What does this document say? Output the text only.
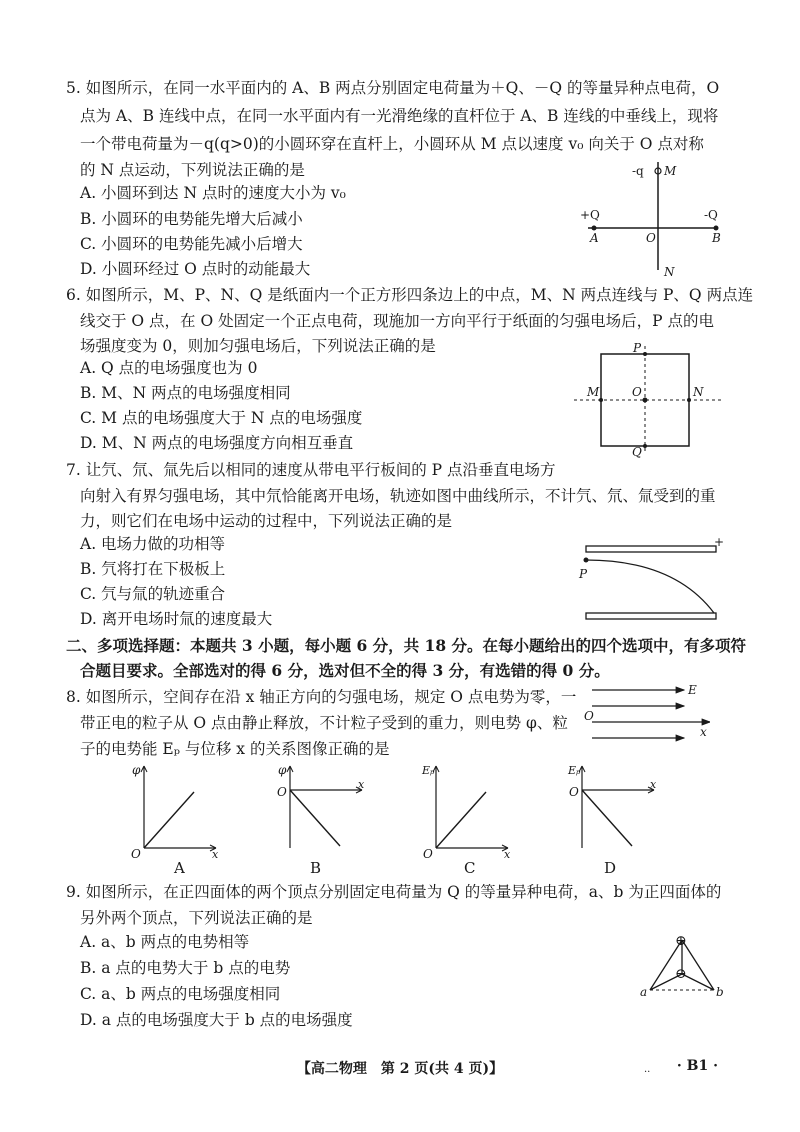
5. 如图所示，在同一水平面内的 A、B 两点分别固定电荷量为＋Q、－Q 的等量异种点电荷，O
点为 A、B 连线中点，在同一水平面内有一光滑绝缘的直杆位于 A、B 连线的中垂线上，现将
一个带电荷量为－q(q>0)的小圆环穿在直杆上，小圆环从 M 点以速度 v₀ 向关于 O 点对称
的 N 点运动，下列说法正确的是
A. 小圆环到达 N 点时的速度大小为 v₀
B. 小圆环的电势能先增大后减小
C. 小圆环的电势能先减小后增大
D. 小圆环经过 O 点时的动能最大
-q M
N
+Q	-Q
A	O	B
6. 如图所示，M、P、N、Q 是纸面内一个正方形四条边上的中点，M、N 两点连线与 P、Q 两点连
线交于 O 点，在 O 处固定一个正点电荷，现施加一方向平行于纸面的匀强电场后，P 点的电
场强度变为 0，则加匀强电场后，下列说法正确的是
A. Q 点的电场强度也为 0
B. M、N 两点的电场强度相同
C. M 点的电场强度大于 N 点的电场强度
D. M、N 两点的电场强度方向相互垂直
P
M	O	N
Q
7. 让氕、氘、氚先后以相同的速度从带电平行板间的 P 点沿垂直电场方
向射入有界匀强电场，其中氘恰能离开电场，轨迹如图中曲线所示，不计氕、氘、氚受到的重
力，则它们在电场中运动的过程中，下列说法正确的是
A. 电场力做的功相等
B. 氕将打在下极板上
C. 氕与氚的轨迹重合
D. 离开电场时氚的速度最大
+
P
二、多项选择题：本题共 3 小题，每小题 6 分，共 18 分。在每小题给出的四个选项中，有多项符
合题目要求。全部选对的得 6 分，选对但不全的得 3 分，有选错的得 0 分。
8. 如图所示，空间存在沿 x 轴正方向的匀强电场，规定 O 点电势为零，一
带正电的粒子从 O 点由静止释放，不计粒子受到的重力，则电势 φ、粒
子的电势能 Eₚ 与位移 x 的关系图像正确的是
E
O
x
φ
x
O
A
φ
x
O
B
Eₚ
x
O
C
Eₚ
x
O
D
9. 如图所示，在正四面体的两个顶点分别固定电荷量为 Q 的等量异种电荷，a、b 为正四面体的
另外两个顶点，下列说法正确的是
A. a、b 两点的电势相等
B. a 点的电势大于 b 点的电势
C. a、b 两点的电场强度相同
D. a 点的电场强度大于 b 点的电场强度
⊕
⊖
a	b
【高二物理　第 2 页(共 4 页)】	.. · B1 ·
